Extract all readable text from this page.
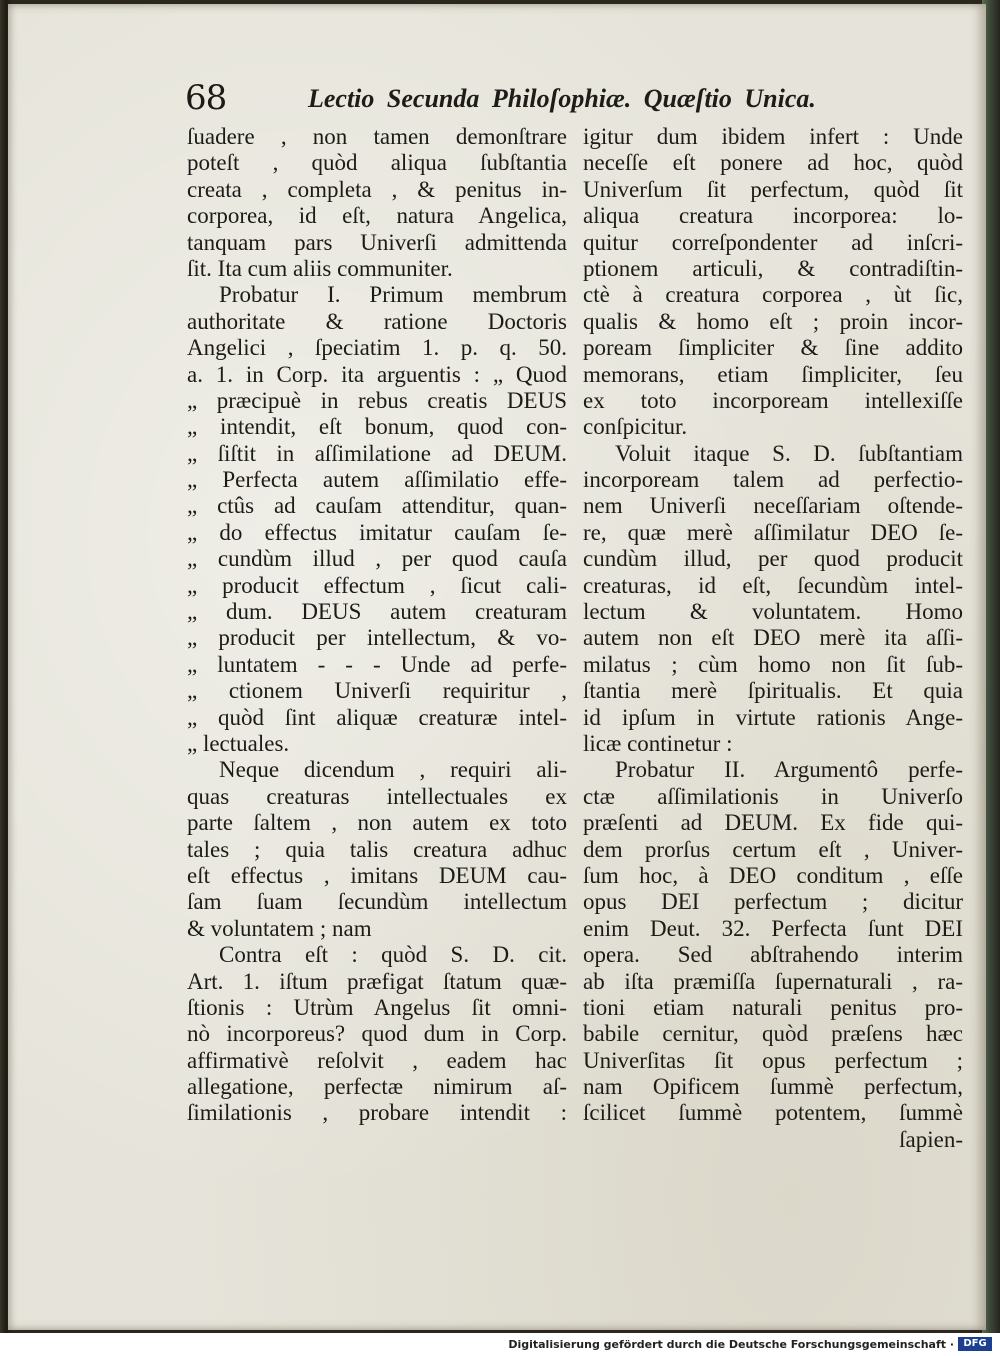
68	Lectio Secunda Philoſophiæ. Quæſtio Unica.
ſuadere , non tamen demonſtrare
poteſt , quòd aliqua ſubſtantia
creata , completa , & penitus in-
corporea, id eſt, natura Angelica,
tanquam pars Univerſi admittenda
ſit. Ita cum aliis communiter.
Probatur I. Primum membrum
authoritate & ratione Doctoris
Angelici , ſpeciatim 1. p. q. 50.
a. 1. in Corp. ita arguentis : „ Quod
„ præcipuè in rebus creatis DEUS
„ intendit, eſt bonum, quod con-
„ ſiſtit in aſſimilatione ad DEUM.
„ Perfecta autem aſſimilatio effe-
„ ctûs ad cauſam attenditur, quan-
„ do effectus imitatur cauſam ſe-
„ cundùm illud , per quod cauſa
„ producit effectum , ſicut cali-
„ dum. DEUS autem creaturam
„ producit per intellectum, & vo-
„ luntatem - - - Unde ad perfe-
„ ctionem Univerſi requiritur ,
„ quòd ſint aliquæ creaturæ intel-
„ lectuales.
Neque dicendum , requiri ali-
quas creaturas intellectuales ex
parte ſaltem , non autem ex toto
tales ; quia talis creatura adhuc
eſt effectus , imitans DEUM cau-
ſam ſuam ſecundùm intellectum
& voluntatem ; nam
Contra eſt : quòd S. D. cit.
Art. 1. iſtum præfigat ſtatum quæ-
ſtionis : Utrùm Angelus ſit omni-
nò incorporeus? quod dum in Corp.
affirmativè reſolvit , eadem hac
allegatione, perfectæ nimirum aſ-
ſimilationis , probare intendit :
igitur dum ibidem infert : Unde
neceſſe eſt ponere ad hoc, quòd
Univerſum ſit perfectum, quòd ſit
aliqua creatura incorporea: lo-
quitur correſpondenter ad inſcri-
ptionem articuli, & contradiſtin-
ctè à creatura corporea , ùt ſic,
qualis & homo eſt ; proin incor-
poream ſimpliciter & ſine addito
memorans, etiam ſimpliciter, ſeu
ex toto incorpoream intellexiſſe
conſpicitur.
Voluit itaque S. D. ſubſtantiam
incorpoream talem ad perfectio-
nem Univerſi neceſſariam oſtende-
re, quæ merè aſſimilatur DEO ſe-
cundùm illud, per quod producit
creaturas, id eſt, ſecundùm intel-
lectum & voluntatem. Homo
autem non eſt DEO merè ita aſſi-
milatus ; cùm homo non ſit ſub-
ſtantia merè ſpiritualis. Et quia
id ipſum in virtute rationis Ange-
licæ continetur :
Probatur II. Argumentô perfe-
ctæ aſſimilationis in Univerſo
præſenti ad DEUM. Ex fide qui-
dem prorſus certum eſt , Univer-
ſum hoc, à DEO conditum , eſſe
opus DEI perfectum ; dicitur
enim Deut. 32. Perfecta ſunt DEI
opera. Sed abſtrahendo interim
ab iſta præmiſſa ſupernaturali , ra-
tioni etiam naturali penitus pro-
babile cernitur, quòd præſens hæc
Univerſitas ſit opus perfectum ;
nam Opificem ſummè perfectum,
ſcilicet ſummè potentem, ſummè
ſapien-
Digitalisierung gefördert durch die Deutsche Forschungsgemeinschaft · DFG
